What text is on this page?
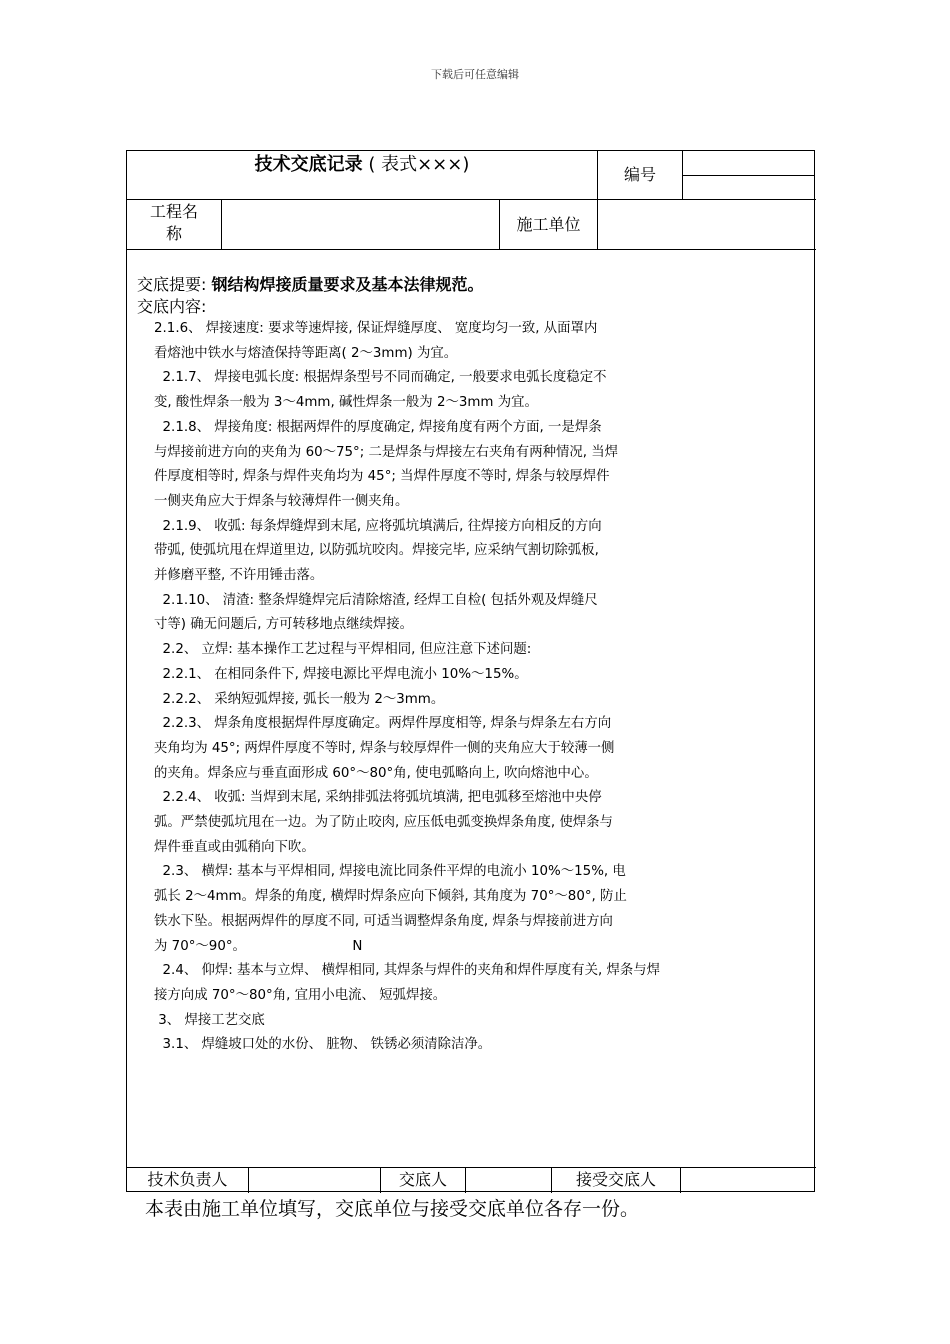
下载后可任意编辑
技术交底记录 ( 表式×××)	编号
工程名
称	施工单位

交底提要: 钢结构焊接质量要求及基本法律规范。

交底内容:

2.1.6、 焊接速度: 要求等速焊接, 保证焊缝厚度、 宽度均匀一致, 从面罩内

看熔池中铁水与熔渣保持等距离( 2～3mm) 为宜。

2.1.7、 焊接电弧长度: 根据焊条型号不同而确定, 一般要求电弧长度稳定不

变, 酸性焊条一般为 3～4mm, 碱性焊条一般为 2～3mm 为宜。

2.1.8、 焊接角度: 根据两焊件的厚度确定, 焊接角度有两个方面, 一是焊条

与焊接前进方向的夹角为 60～75°; 二是焊条与焊接左右夹角有两种情况, 当焊

件厚度相等时, 焊条与焊件夹角均为 45°; 当焊件厚度不等时, 焊条与较厚焊件

一侧夹角应大于焊条与较薄焊件一侧夹角。

2.1.9、 收弧: 每条焊缝焊到末尾, 应将弧坑填满后, 往焊接方向相反的方向

带弧, 使弧坑甩在焊道里边, 以防弧坑咬肉。焊接完毕, 应采纳气割切除弧板,

并修磨平整, 不许用锤击落。

2.1.10、 清渣: 整条焊缝焊完后清除熔渣, 经焊工自检( 包括外观及焊缝尺

寸等) 确无问题后, 方可转移地点继续焊接。

2.2、 立焊: 基本操作工艺过程与平焊相同, 但应注意下述问题:

2.2.1、 在相同条件下, 焊接电源比平焊电流小 10%～15%。

2.2.2、 采纳短弧焊接, 弧长一般为 2～3mm。

2.2.3、 焊条角度根据焊件厚度确定。两焊件厚度相等, 焊条与焊条左右方向

夹角均为 45°; 两焊件厚度不等时, 焊条与较厚焊件一侧的夹角应大于较薄一侧

的夹角。焊条应与垂直面形成 60°～80°角, 使电弧略向上, 吹向熔池中心。

2.2.4、 收弧: 当焊到末尾, 采纳排弧法将弧坑填满, 把电弧移至熔池中央停

弧。严禁使弧坑甩在一边。为了防止咬肉, 应压低电弧变换焊条角度, 使焊条与

焊件垂直或由弧稍向下吹。

2.3、 横焊: 基本与平焊相同, 焊接电流比同条件平焊的电流小 10%～15%, 电

弧长 2～4mm。焊条的角度, 横焊时焊条应向下倾斜, 其角度为 70°～80°, 防止

铁水下坠。根据两焊件的厚度不同, 可适当调整焊条角度, 焊条与焊接前进方向

为 70°～90°。                         N

2.4、 仰焊: 基本与立焊、 横焊相同, 其焊条与焊件的夹角和焊件厚度有关, 焊条与焊

接方向成 70°～80°角, 宜用小电流、 短弧焊接。

3、 焊接工艺交底

3.1、 焊缝坡口处的水份、 脏物、 铁锈必须清除洁净。

技术负责人	交底人	接受交底人
本表由施工单位填写，交底单位与接受交底单位各存一份。
